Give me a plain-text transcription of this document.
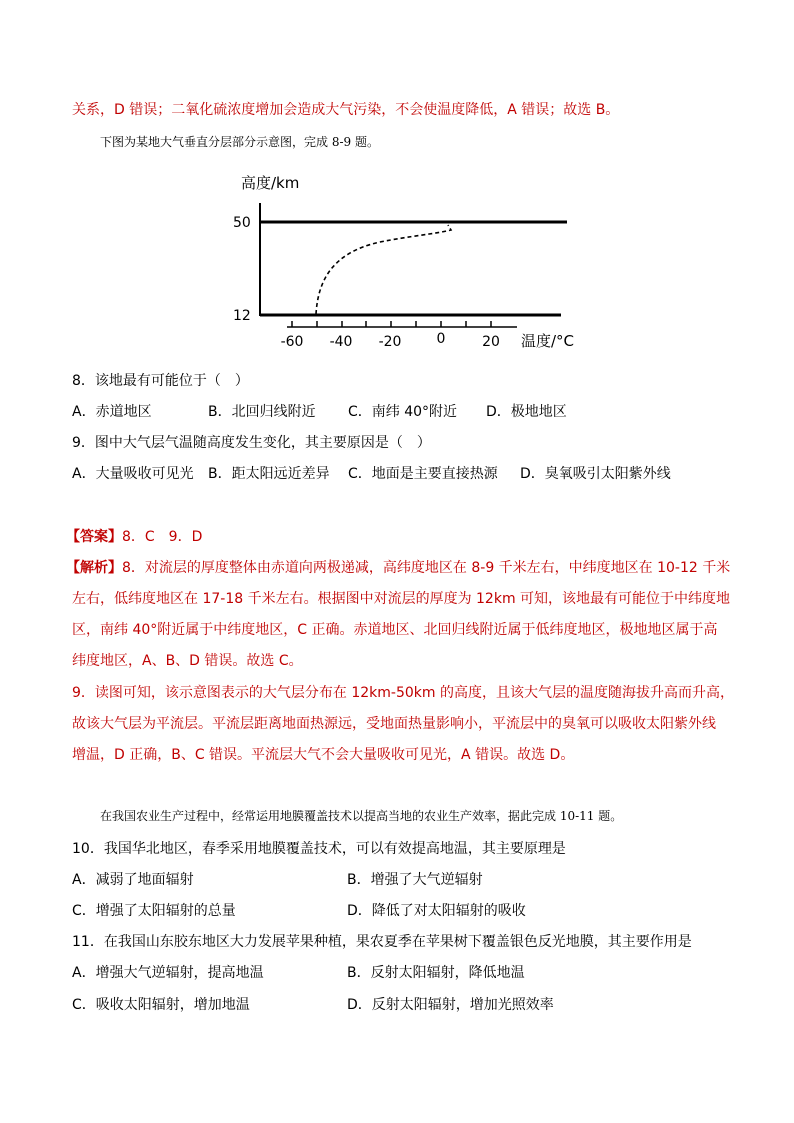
关系，D 错误；二氧化硫浓度增加会造成大气污染，不会使温度降低，A 错误；故选 B。
下图为某地大气垂直分层部分示意图，完成 8-9 题。
高度/km
50
12
-60 -40 -20	0	20 温度/°C
8．该地最有可能位于（　）
A．赤道地区	B．北回归线附近 C．南纬 40°附近 D．极地地区
9．图中大气层气温随高度发生变化，其主要原因是（　）
A．大量吸收可见光 B．距太阳远近差异 C．地面是主要直接热源 D．臭氧吸引太阳紫外线
【答案】8．C　9．D
【解析】8．对流层的厚度整体由赤道向两极递减，高纬度地区在 8-9 千米左右，中纬度地区在 10-12 千米
左右，低纬度地区在 17-18 千米左右。根据图中对流层的厚度为 12km 可知，该地最有可能位于中纬度地
区，南纬 40°附近属于中纬度地区，C 正确。赤道地区、北回归线附近属于低纬度地区，极地地区属于高
纬度地区，A、B、D 错误。故选 C。
9．读图可知，该示意图表示的大气层分布在 12km-50km 的高度，且该大气层的温度随海拔升高而升高，
故该大气层为平流层。平流层距离地面热源远，受地面热量影响小，平流层中的臭氧可以吸收太阳紫外线
增温，D 正确，B、C 错误。平流层大气不会大量吸收可见光，A 错误。故选 D。
在我国农业生产过程中，经常运用地膜覆盖技术以提高当地的农业生产效率，据此完成 10-11 题。
10．我国华北地区，春季采用地膜覆盖技术，可以有效提高地温，其主要原理是
A．减弱了地面辐射	B．增强了大气逆辐射
C．增强了太阳辐射的总量	D．降低了对太阳辐射的吸收
11．在我国山东胶东地区大力发展苹果种植，果农夏季在苹果树下覆盖银色反光地膜，其主要作用是
A．增强大气逆辐射，提高地温	B．反射太阳辐射，降低地温
C．吸收太阳辐射，增加地温	D．反射太阳辐射，增加光照效率
